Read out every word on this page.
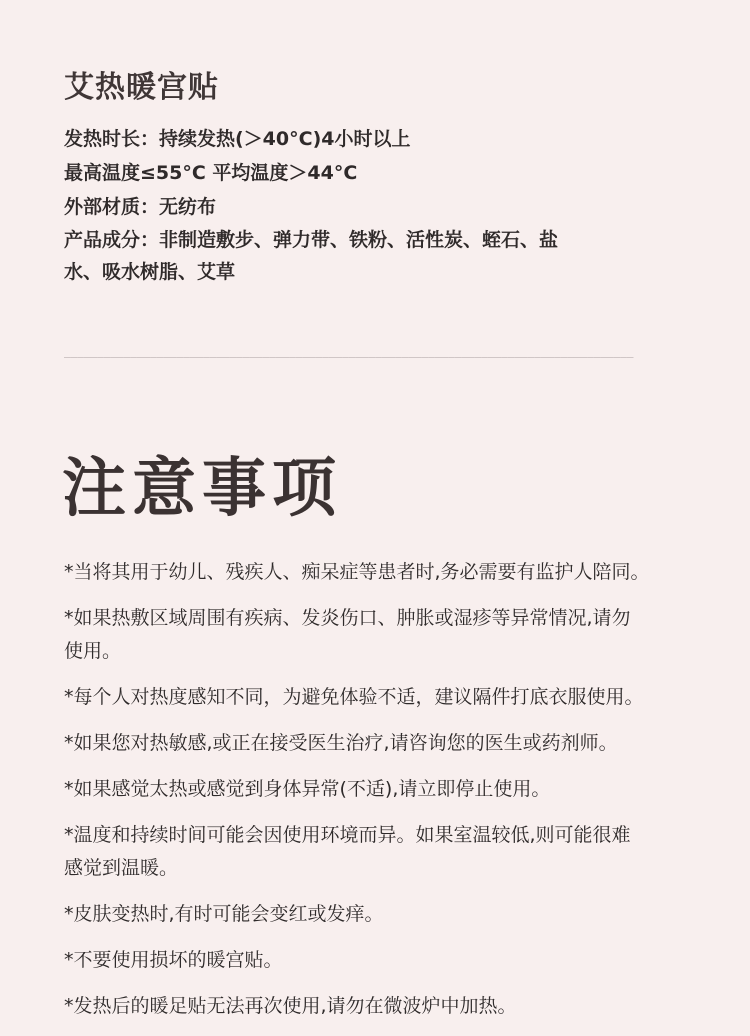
艾热暖宫贴

发热时长：持续发热(＞40°C)4小时以上

最高温度≤55°C 平均温度＞44°C

外部材质：无纺布

产品成分：非制造敷步、弹力带、铁粉、活性炭、蛭石、盐
水、吸水树脂、艾草

______________________________________________________________________________________
注意事项

*当将其用于幼儿、残疾人、痴呆症等患者时,务必需要有监护人陪同。

*如果热敷区域周围有疾病、发炎伤口、肿胀或湿疹等异常情况,请勿
使用。

*每个人对热度感知不同，为避免体验不适，建议隔件打底衣服使用。

*如果您对热敏感,或正在接受医生治疗,请咨询您的医生或药剂师。

*如果感觉太热或感觉到身体异常(不适),请立即停止使用。

*温度和持续时间可能会因使用环境而异。如果室温较低,则可能很难
感觉到温暖。

*皮肤变热时,有时可能会变红或发痒。

*不要使用损坏的暖宫贴。

*发热后的暖足贴无法再次使用,请勿在微波炉中加热。
